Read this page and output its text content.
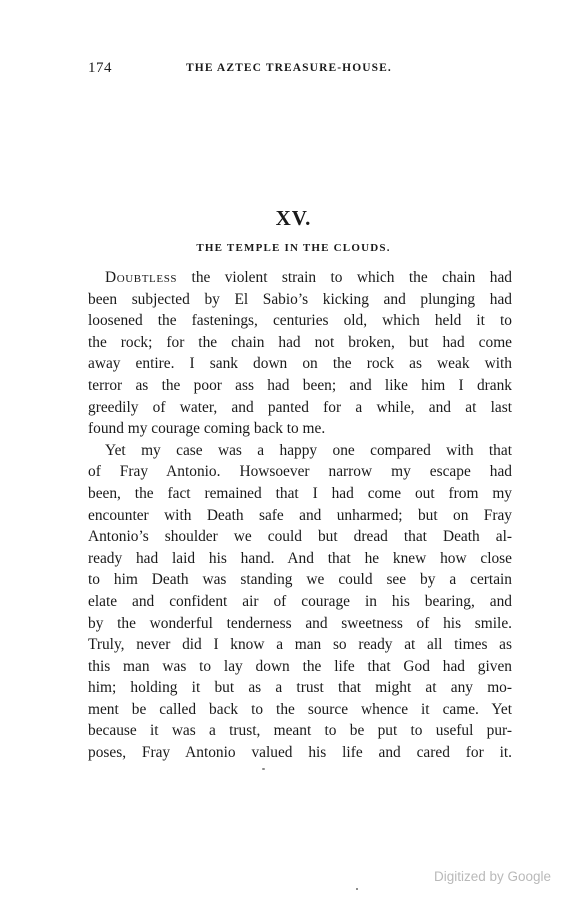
174	THE AZTEC TREASURE-HOUSE.
XV.
THE TEMPLE IN THE CLOUDS.
Doubtless the violent strain to which the chain had
been subjected by El Sabio’s kicking and plunging had
loosened the fastenings, centuries old, which held it to
the rock; for the chain had not broken, but had come
away entire. I sank down on the rock as weak with
terror as the poor ass had been; and like him I drank
greedily of water, and panted for a while, and at last
found my courage coming back to me.
Yet my case was a happy one compared with that
of Fray Antonio. Howsoever narrow my escape had
been, the fact remained that I had come out from my
encounter with Death safe and unharmed; but on Fray
Antonio’s shoulder we could but dread that Death al-
ready had laid his hand. And that he knew how close
to him Death was standing we could see by a certain
elate and confident air of courage in his bearing, and
by the wonderful tenderness and sweetness of his smile.
Truly, never did I know a man so ready at all times as
this man was to lay down the life that God had given
him; holding it but as a trust that might at any mo-
ment be called back to the source whence it came. Yet
because it was a trust, meant to be put to useful pur-
poses, Fray Antonio valued his life and cared for it.
Digitized by Google
